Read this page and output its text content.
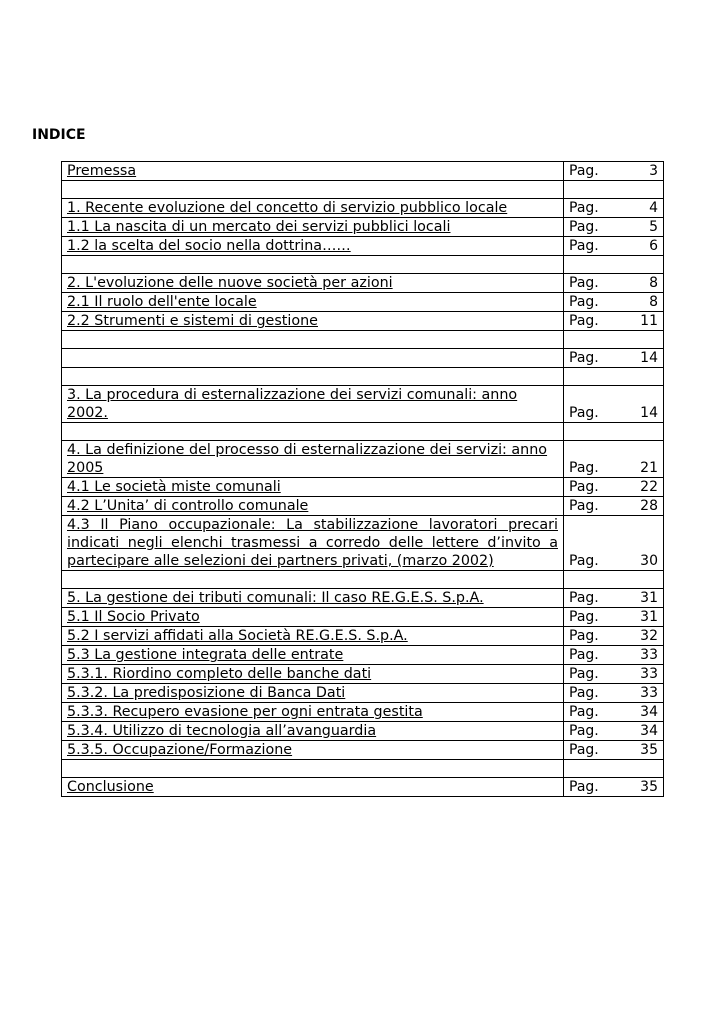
INDICE
Premessa	Pag. 3

1. Recente evoluzione del concetto di servizio pubblico locale	Pag. 4

1.1 La nascita di un mercato dei servizi pubblici locali	Pag. 5

1.2 la scelta del socio nella dottrina……	Pag. 6

2. L'evoluzione delle nuove società per azioni	Pag. 8

2.1 Il ruolo dell'ente locale	Pag. 8

2.2 Strumenti e sistemi di gestione	Pag. 11

	Pag. 14

3. La procedura di esternalizzazione dei servizi comunali: anno 2002.	Pag. 14

4. La definizione del processo di esternalizzazione dei servizi: anno 2005	Pag. 21

4.1 Le società miste comunali	Pag. 22

4.2 L’Unita’ di controllo comunale	Pag. 28

4.3 Il Piano occupazionale: La stabilizzazione lavoratori precari indicati negli elenchi trasmessi a corredo delle lettere d’invito a partecipare alle selezioni dei partners privati, (marzo 2002)	Pag. 30

5. La gestione dei tributi comunali: Il caso RE.G.E.S. S.p.A.	Pag. 31

5.1 Il Socio Privato	Pag. 31

5.2 I servizi affidati alla Società RE.G.E.S. S.p.A.	Pag. 32

5.3 La gestione integrata delle entrate	Pag. 33

5.3.1. Riordino completo delle banche dati	Pag. 33

5.3.2. La predisposizione di Banca Dati	Pag. 33

5.3.3. Recupero evasione per ogni entrata gestita	Pag. 34

5.3.4. Utilizzo di tecnologia all’avanguardia	Pag. 34

5.3.5. Occupazione/Formazione	Pag. 35

Conclusione	Pag. 35
